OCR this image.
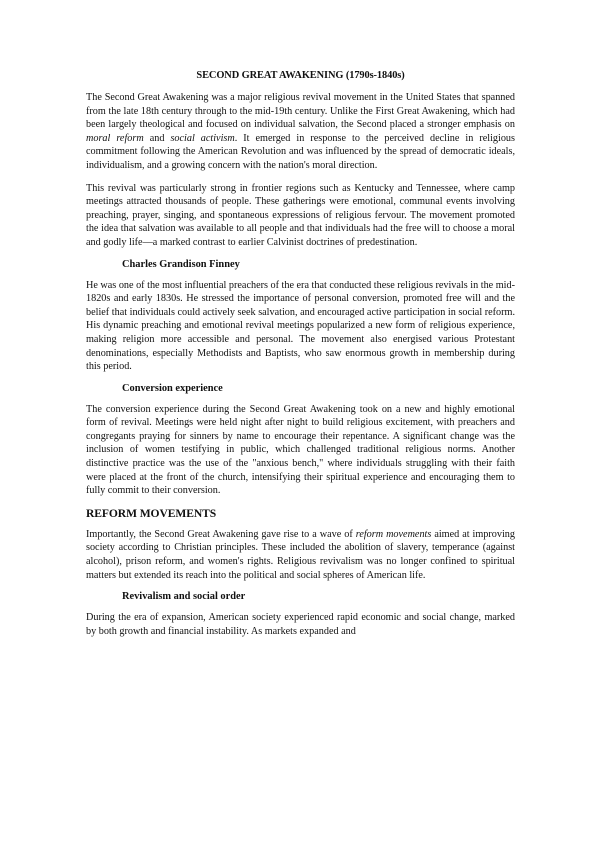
SECOND GREAT AWAKENING (1790s-1840s)

The Second Great Awakening was a major religious revival movement in the United States that spanned from the late 18th century through to the mid-19th century. Unlike the First Great Awakening, which had been largely theological and focused on individual salvation, the Second placed a stronger emphasis on moral reform and social activism. It emerged in response to the perceived decline in religious commitment following the American Revolution and was influenced by the spread of democratic ideals, individualism, and a growing concern with the nation's moral direction.

This revival was particularly strong in frontier regions such as Kentucky and Tennessee, where camp meetings attracted thousands of people. These gatherings were emotional, communal events involving preaching, prayer, singing, and spontaneous expressions of religious fervour. The movement promoted the idea that salvation was available to all people and that individuals had the free will to choose a moral and godly life—a marked contrast to earlier Calvinist doctrines of predestination.

Charles Grandison Finney

He was one of the most influential preachers of the era that conducted these religious revivals in the mid-1820s and early 1830s. He stressed the importance of personal conversion, promoted free will and the belief that individuals could actively seek salvation, and encouraged active participation in social reform. His dynamic preaching and emotional revival meetings popularized a new form of religious experience, making religion more accessible and personal. The movement also energised various Protestant denominations, especially Methodists and Baptists, who saw enormous growth in membership during this period.

Conversion experience

The conversion experience during the Second Great Awakening took on a new and highly emotional form of revival. Meetings were held night after night to build religious excitement, with preachers and congregants praying for sinners by name to encourage their repentance. A significant change was the inclusion of women testifying in public, which challenged traditional religious norms. Another distinctive practice was the use of the "anxious bench," where individuals struggling with their faith were placed at the front of the church, intensifying their spiritual experience and encouraging them to fully commit to their conversion.

REFORM MOVEMENTS

Importantly, the Second Great Awakening gave rise to a wave of reform movements aimed at improving society according to Christian principles. These included the abolition of slavery, temperance (against alcohol), prison reform, and women's rights. Religious revivalism was no longer confined to spiritual matters but extended its reach into the political and social spheres of American life.

Revivalism and social order

During the era of expansion, American society experienced rapid economic and social change, marked by both growth and financial instability. As markets expanded and
